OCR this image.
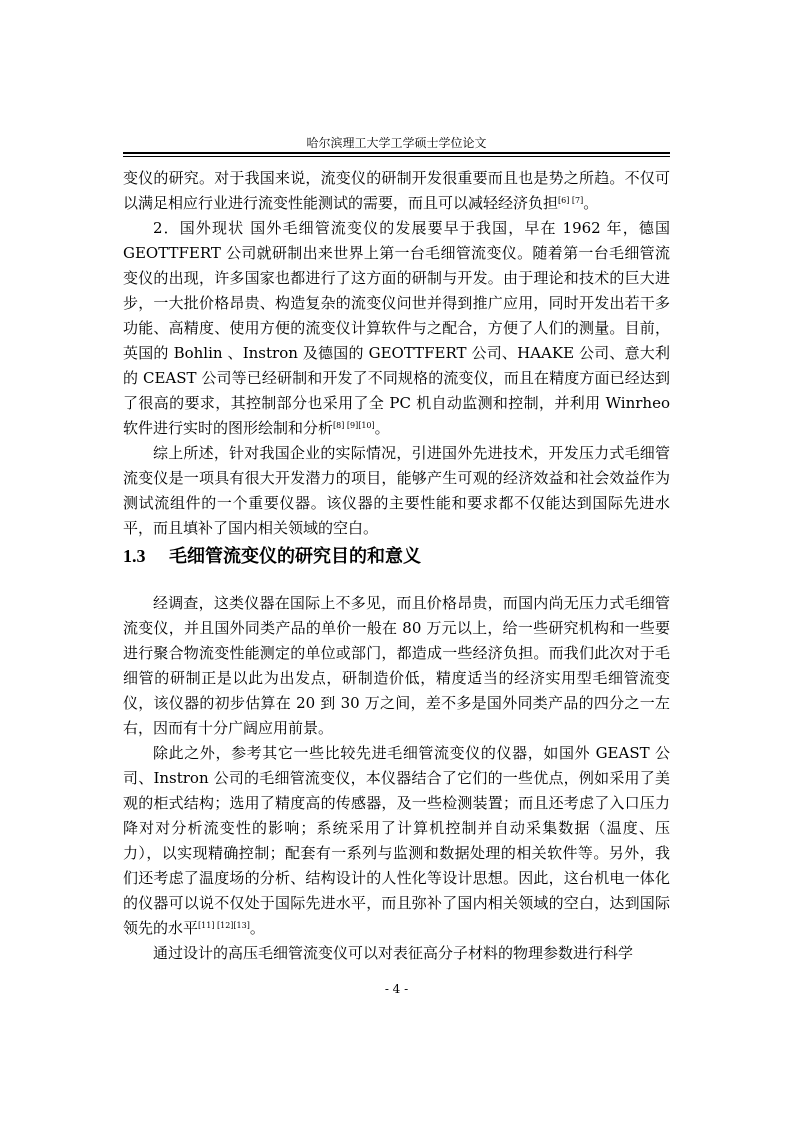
哈尔滨理工大学工学硕士学位论文

变仪的研究。对于我国来说，流变仪的研制开发很重要而且也是势之所趋。不仅可以满足相应行业进行流变性能测试的需要，而且可以减轻经济负担[6] [7]。

2．国外现状 国外毛细管流变仪的发展要早于我国，早在 1962 年，德国 GEOTTFERT 公司就研制出来世界上第一台毛细管流变仪。随着第一台毛细管流变仪的出现，许多国家也都进行了这方面的研制与开发。由于理论和技术的巨大进步，一大批价格昂贵、构造复杂的流变仪问世并得到推广应用，同时开发出若干多功能、高精度、使用方便的流变仪计算软件与之配合，方便了人们的测量。目前，英国的 Bohlin 、Instron 及德国的 GEOTTFERT 公司、HAAKE 公司、意大利的 CEAST 公司等已经研制和开发了不同规格的流变仪，而且在精度方面已经达到了很高的要求，其控制部分也采用了全 PC 机自动监测和控制，并利用 Winrheo 软件进行实时的图形绘制和分析[8] [9][10]。

综上所述，针对我国企业的实际情况，引进国外先进技术，开发压力式毛细管流变仪是一项具有很大开发潜力的项目，能够产生可观的经济效益和社会效益作为测试流组件的一个重要仪器。该仪器的主要性能和要求都不仅能达到国际先进水平，而且填补了国内相关领域的空白。

1.3 毛细管流变仪的研究目的和意义

经调查，这类仪器在国际上不多见，而且价格昂贵，而国内尚无压力式毛细管流变仪，并且国外同类产品的单价一般在 80 万元以上，给一些研究机构和一些要进行聚合物流变性能测定的单位或部门，都造成一些经济负担。而我们此次对于毛细管的研制正是以此为出发点，研制造价低，精度适当的经济实用型毛细管流变仪，该仪器的初步估算在 20 到 30 万之间，差不多是国外同类产品的四分之一左右，因而有十分广阔应用前景。

除此之外，参考其它一些比较先进毛细管流变仪的仪器，如国外 GEAST 公司、Instron 公司的毛细管流变仪，本仪器结合了它们的一些优点，例如采用了美观的柜式结构；选用了精度高的传感器，及一些检测装置；而且还考虑了入口压力降对对分析流变性的影响；系统采用了计算机控制并自动采集数据（温度、压力），以实现精确控制；配套有一系列与监测和数据处理的相关软件等。另外，我们还考虑了温度场的分析、结构设计的人性化等设计思想。因此，这台机电一体化的仪器可以说不仅处于国际先进水平，而且弥补了国内相关领域的空白，达到国际领先的水平[11] [12][13]。

通过设计的高压毛细管流变仪可以对表征高分子材料的物理参数进行科学

- 4 -
